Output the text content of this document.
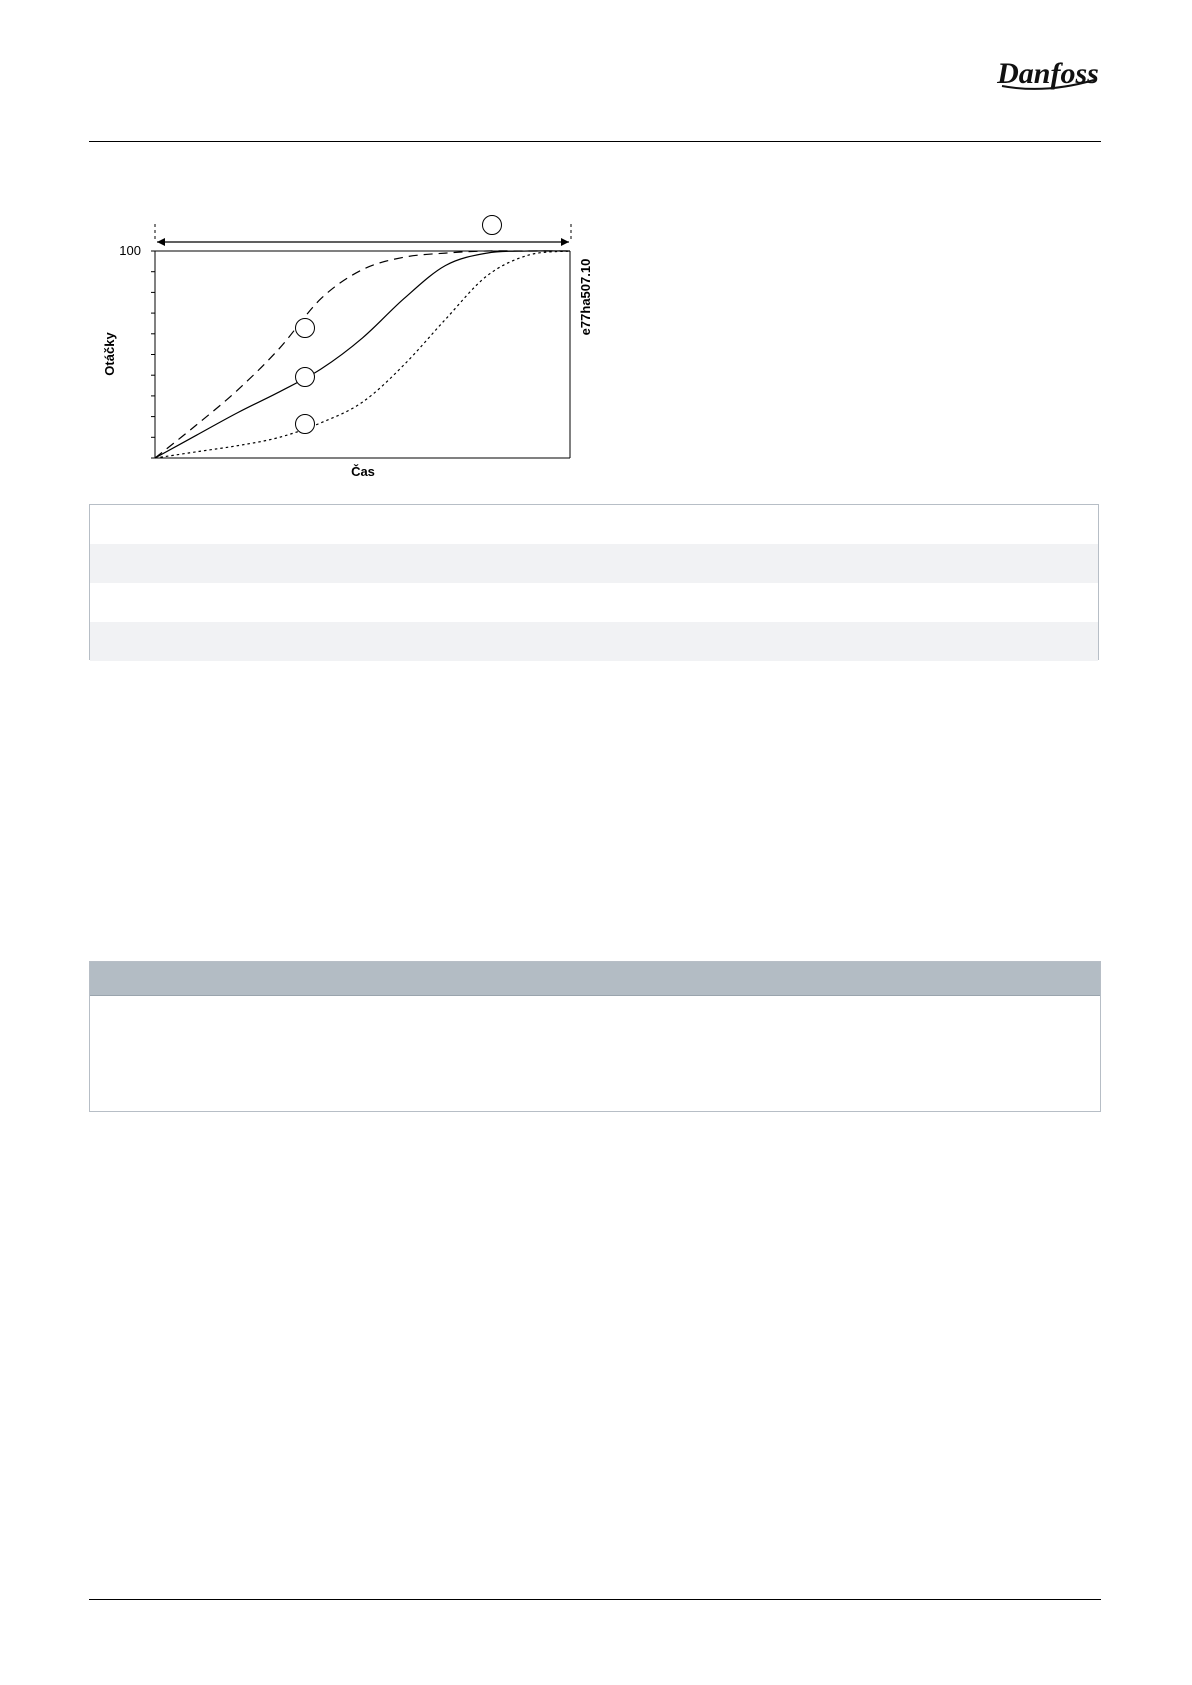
Danfoss
100
Otáčky
Čas
e77ha507.10
